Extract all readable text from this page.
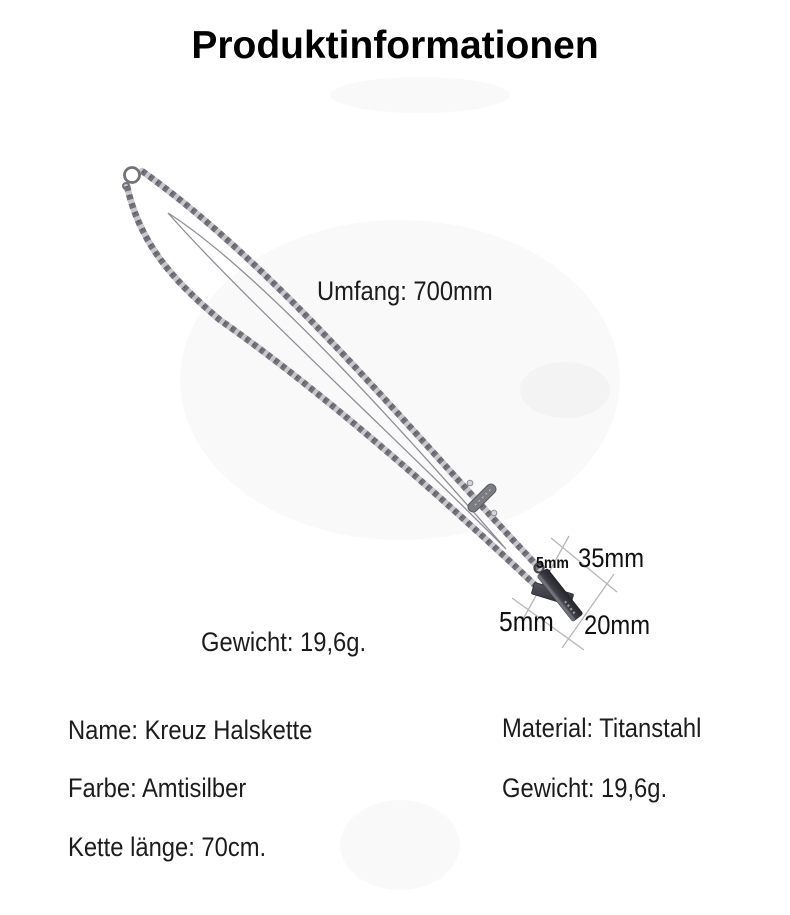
Produktinformationen
Umfang: 700mm
Gewicht: 19,6g.
5mm 35mm
5mm 20mm
Name: Kreuz Halskette
Farbe: Amtisilber
Kette länge: 70cm.
Material: Titanstahl
Gewicht: 19,6g.
